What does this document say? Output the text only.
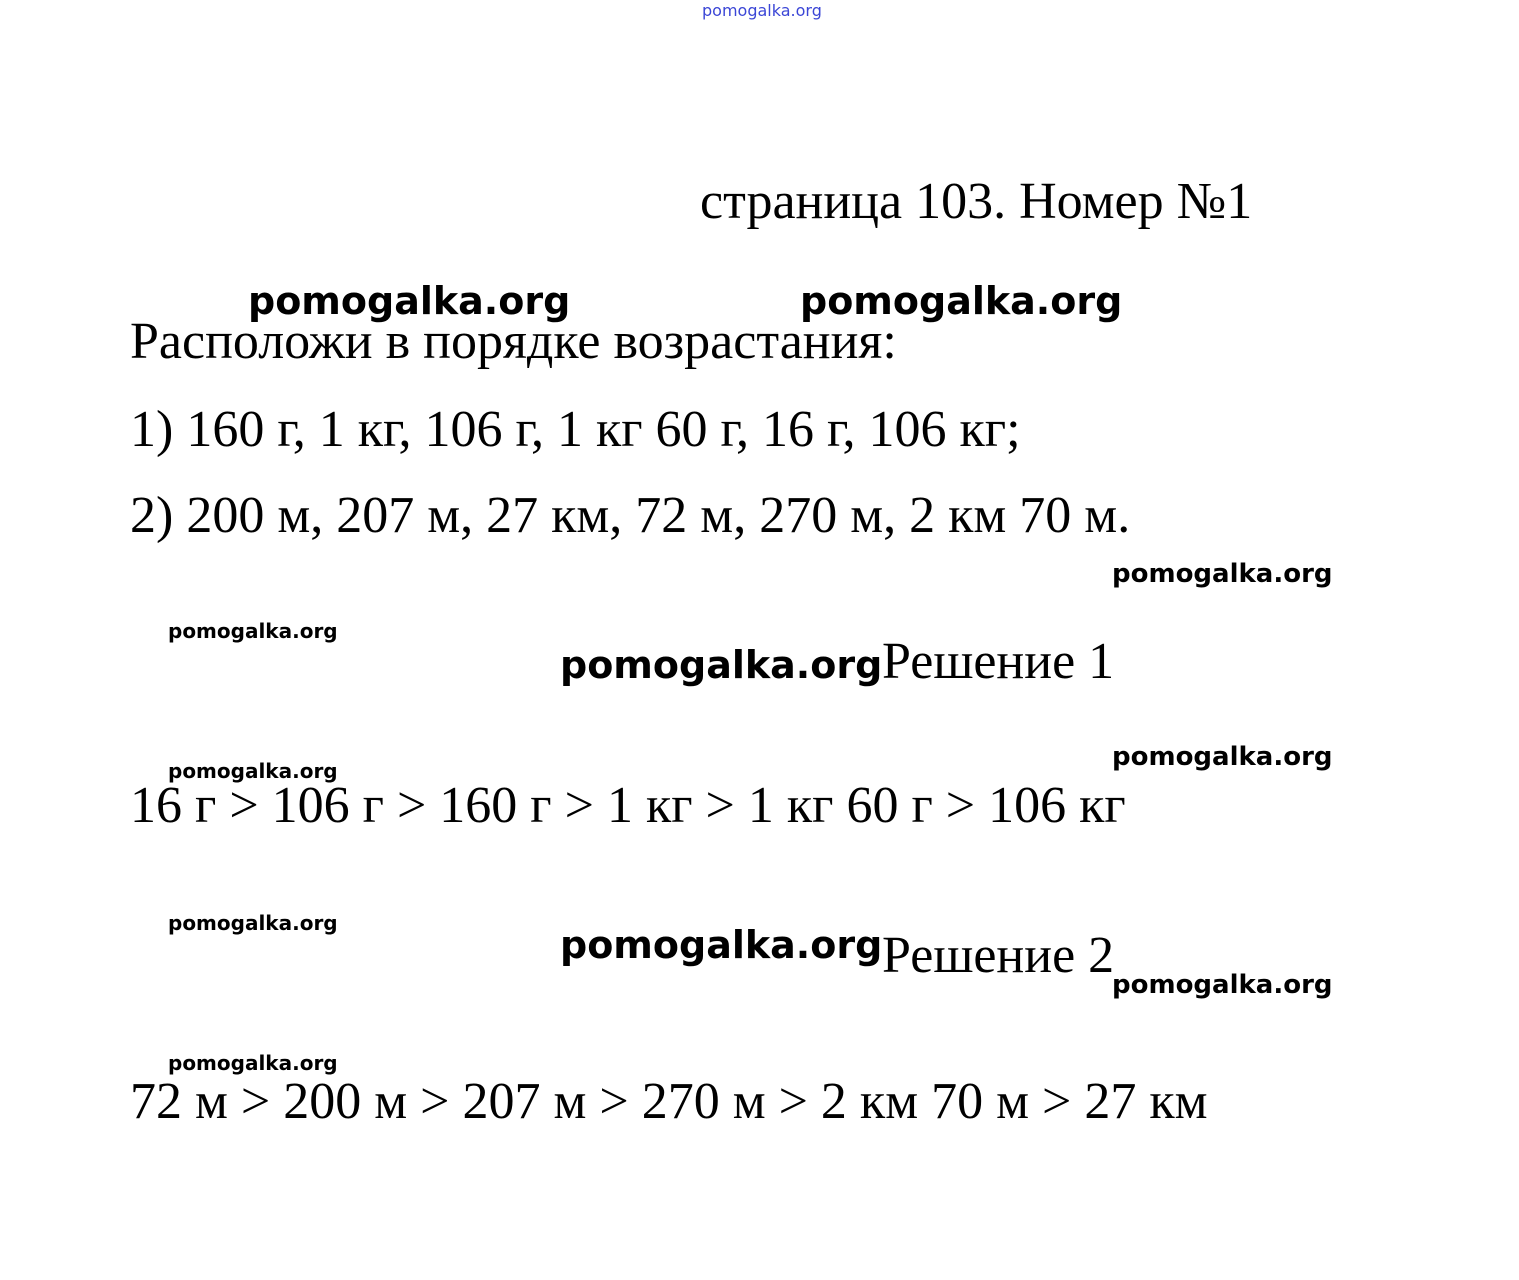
pomogalka.org
страница 103. Номер №1
Расположи в порядке возрастания:
1) 160 г, 1 кг, 106 г, 1 кг 60 г, 16 г, 106 кг;
2) 200 м, 207 м, 27 км, 72 м, 270 м, 2 км 70 м.
Решение 1
16 г > 106 г > 160 г > 1 кг > 1 кг 60 г > 106 кг
Решение 2
72 м > 200 м > 207 м > 270 м > 2 км 70 м > 27 км
pomogalka.org	pomogalka.org
pomogalka.org
pomogalka.org
pomogalka.org
pomogalka.org
pomogalka.org
pomogalka.org	pomogalka.org
pomogalka.org
pomogalka.org
